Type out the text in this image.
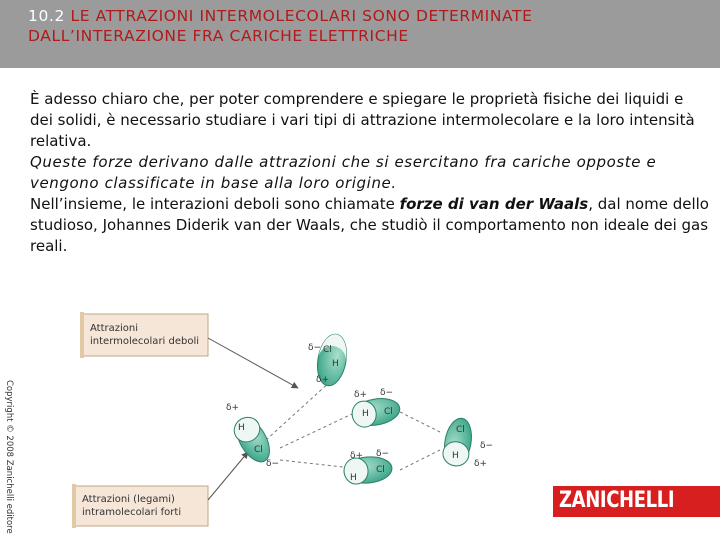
10.2 LE ATTRAZIONI INTERMOLECOLARI SONO DETERMINATE
DALL’INTERAZIONE FRA CARICHE ELETTRICHE

È adesso chiaro che, per poter comprendere e spiegare le proprietà fisiche dei liquidi e dei solidi, è necessario studiare i vari tipi di attrazione intermolecolare e la loro intensità relativa.

Queste forze derivano dalle attrazioni che si esercitano fra cariche opposte e vengono classificate in base alla loro origine.

Nell’insieme, le interazioni deboli sono chiamate forze di van der Waals, dal nome dello studioso, Johannes Diderik van der Waals, che studiò il comportamento non ideale dei gas reali.

Copyright © 2008 Zanichelli editore
Attrazioni
intermolecolari deboli
Attrazioni (legami)
intramolecolari forti
H
Cl
δ−
δ+
H Cl
δ+ δ−
H
Cl
δ+
δ−
H
Cl
δ+ δ−	H
Cl
δ+
δ−
ZANICHELLI
